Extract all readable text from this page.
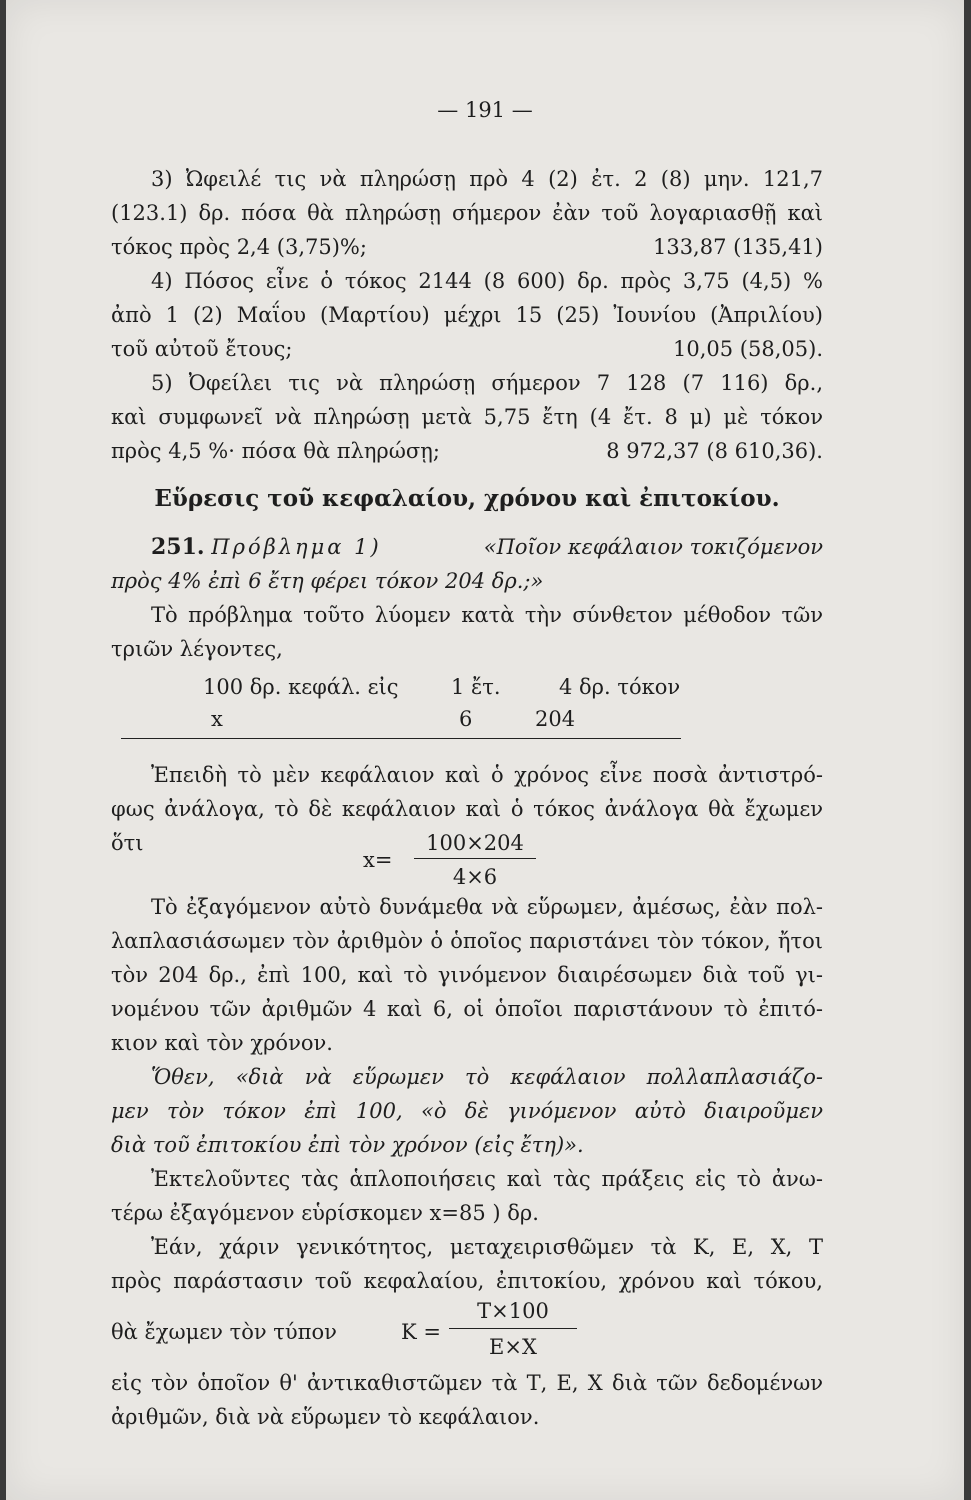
— 191 —
3) Ὠφειλέ τις νὰ πληρώσῃ πρὸ 4 (2) ἐτ. 2 (8) μην. 121,7
(123.1) δρ. πόσα θὰ πληρώσῃ σήμερον ἐὰν τοῦ λογαριασθῇ καὶ
τόκος πρὸς 2,4 (3,75)%;	133,87 (135,41)
4) Πόσος εἶνε ὁ τόκος 2144 (8 600) δρ. πρὸς 3,75 (4,5) %
ἀπὸ 1 (2) Μαΐου (Μαρτίου) μέχρι 15 (25) Ἰουνίου (Ἀπριλίου)
τοῦ αὐτοῦ ἔτους;	10,05 (58,05).
5) Ὀφείλει τις νὰ πληρώσῃ σήμερον 7 128 (7 116) δρ.,
καὶ συμφωνεῖ νὰ πληρώσῃ μετὰ 5,75 ἔτη (4 ἔτ. 8 μ) μὲ τόκον
πρὸς 4,5 %· πόσα θὰ πληρώσῃ;	8 972,37 (8 610,36).
Εὕρεσις τοῦ κεφαλαίου, χρόνου καὶ ἐπιτοκίου.
251. Πρόβλημα 1)	«Ποῖον κεφάλαιον τοκιζόμενον
πρὸς 4% ἐπὶ 6 ἔτη φέρει τόκον 204 δρ.;»
Τὸ πρόβλημα τοῦτο λύομεν κατὰ τὴν σύνθετον μέθοδον τῶν
τριῶν λέγοντες,
100 δρ. κεφάλ. εἰς 1 ἔτ.	4 δρ. τόκον
x	6	204
Ἐπειδὴ τὸ μὲν κεφάλαιον καὶ ὁ χρόνος εἶνε ποσὰ ἀντιστρό-
φως ἀνάλογα, τὸ δὲ κεφάλαιον καὶ ὁ τόκος ἀνάλογα θὰ ἔχωμεν ὅτι
x=
100×204
4×6
Τὸ ἐξαγόμενον αὐτὸ δυνάμεθα νὰ εὕρωμεν, ἀμέσως, ἐὰν πολ-
λαπλασιάσωμεν τὸν ἀριθμὸν ὁ ὁποῖος παριστάνει τὸν τόκον, ἤτοι
τὸν 204 δρ., ἐπὶ 100, καὶ τὸ γινόμενον διαιρέσωμεν διὰ τοῦ γι-
νομένου τῶν ἀριθμῶν 4 καὶ 6, οἱ ὁποῖοι παριστάνουν τὸ ἐπιτό-
κιον καὶ τὸν χρόνον.
Ὅθεν, «διὰ νὰ εὕρωμεν τὸ κεφάλαιον πολλαπλασιάζο-
μεν τὸν τόκον ἐπὶ 100, «ὸ δὲ γινόμενον αὐτὸ διαιροῦμεν
διὰ τοῦ ἐπιτοκίου ἐπὶ τὸν χρόνον (εἰς ἔτη)».
Ἐκτελοῦντες τὰς ἁπλοποιήσεις καὶ τὰς πράξεις εἰς τὸ ἀνω-
τέρω ἐξαγόμενον εὑρίσκομεν x=85 ) δρ.
Ἐάν, χάριν γενικότητος, μεταχειρισθῶμεν τὰ Κ, Ε, Χ, Τ
πρὸς παράστασιν τοῦ κεφαλαίου, ἐπιτοκίου, χρόνου καὶ τόκου,
θὰ ἔχωμεν τὸν τύπον	K =
T×100
E×X
εἰς τὸν ὁποῖον θ' ἀντικαθιστῶμεν τὰ Τ, Ε, Χ διὰ τῶν δεδομένων
ἀριθμῶν, διὰ νὰ εὕρωμεν τὸ κεφάλαιον.
